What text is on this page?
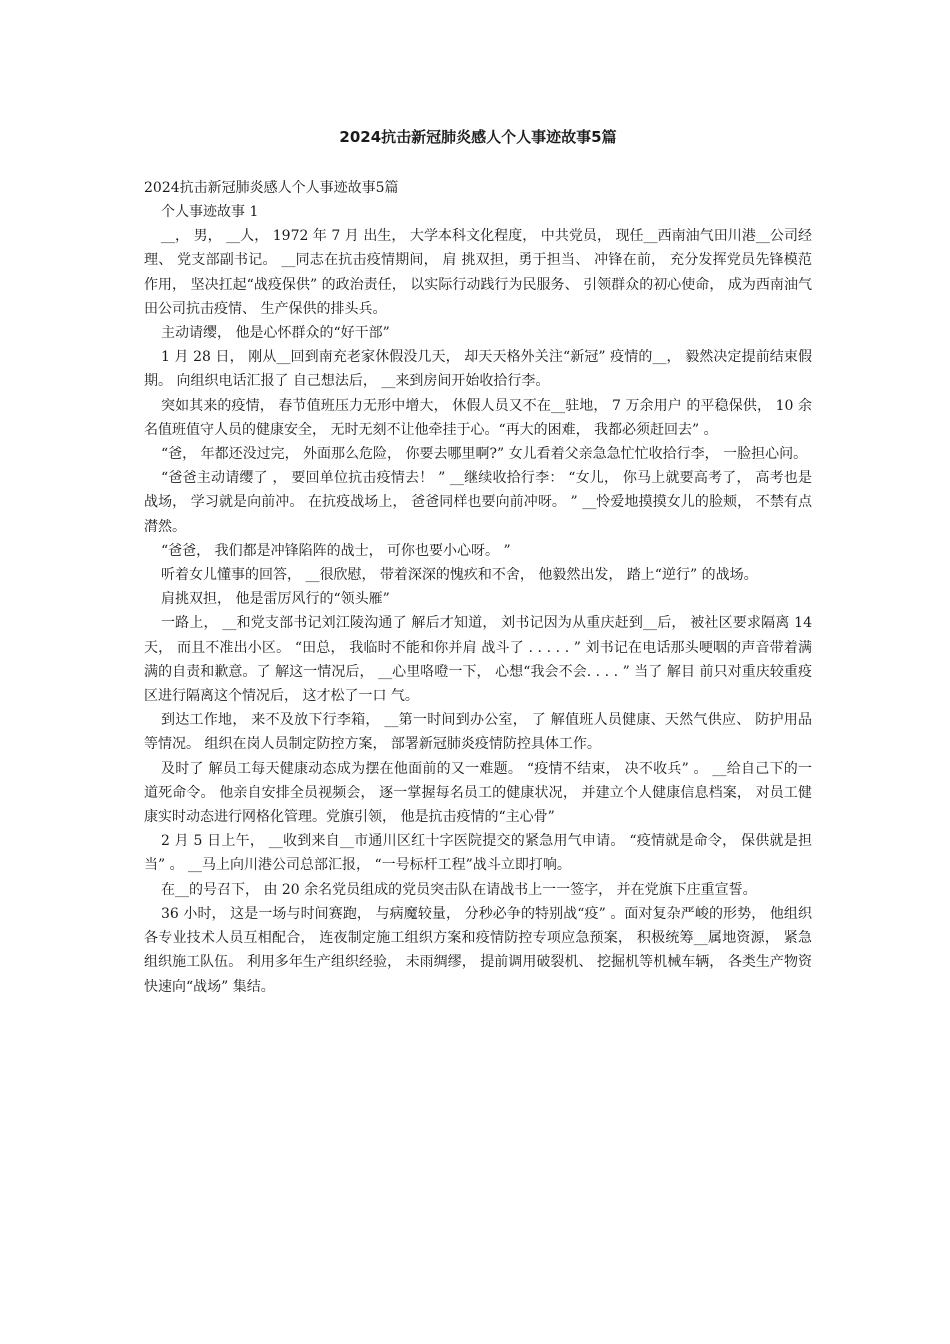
2024抗击新冠肺炎感人个人事迹故事5篇

2024抗击新冠肺炎感人个人事迹故事5篇

个人事迹故事 1

__， 男， __人， 1972 年 7 月 出生， 大学本科文化程度， 中共党员， 现任__西南油气田川港__公司经理、 党支部副书记。 __同志在抗击疫情期间， 肩 挑双担，勇于担当、 冲锋在前， 充分发挥党员先锋模范作用， 坚决扛起“战疫保供” 的政治责任， 以实际行动践行为民服务、 引领群众的初心使命， 成为西南油气田公司抗击疫情、 生产保供的排头兵。

主动请缨， 他是心怀群众的“好干部”

1 月 28 日， 刚从__回到南充老家休假没几天， 却天天格外关注“新冠” 疫情的__， 毅然决定提前结束假期。 向组织电话汇报了 自己想法后， __来到房间开始收拾行李。

突如其来的疫情， 春节值班压力无形中增大， 休假人员又不在__驻地， 7 万余用户 的平稳保供， 10 余名值班值守人员的健康安全， 无时无刻不让他牵挂于心。“再大的困难， 我都必须赶回去” 。

“爸， 年都还没过完， 外面那么危险， 你要去哪里啊?” 女儿看着父亲急急忙忙收拾行李， 一脸担心问。

“爸爸主动请缨了 ， 要回单位抗击疫情去！ ” __继续收拾行李： “女儿， 你马上就要高考了， 高考也是战场， 学习就是向前冲。 在抗疫战场上， 爸爸同样也要向前冲呀。 ” __怜爱地摸摸女儿的脸颊， 不禁有点潸然。

“爸爸， 我们都是冲锋陷阵的战士， 可你也要小心呀。 ”

听着女儿懂事的回答， __很欣慰， 带着深深的愧疚和不舍， 他毅然出发， 踏上“逆行” 的战场。

肩挑双担， 他是雷厉风行的“领头雁”

一路上， __和党支部书记刘江陵沟通了 解后才知道， 刘书记因为从重庆赶到__后， 被社区要求隔离 14 天， 而且不准出小区。 “田总， 我临时不能和你并肩 战斗了 . . . . . ” 刘书记在电话那头哽咽的声音带着满满的自责和歉意。了 解这一情况后， __心里咯噔一下， 心想“我会不会. . . . ” 当了 解目 前只对重庆较重疫区进行隔离这个情况后， 这才松了一口 气。

到达工作地， 来不及放下行李箱， __第一时间到办公室， 了 解值班人员健康、天然气供应、 防护用品等情况。 组织在岗人员制定防控方案， 部署新冠肺炎疫情防控具体工作。

及时了 解员工每天健康动态成为摆在他面前的又一难题。 “疫情不结束， 决不收兵” 。 __给自己下的一道死命令。 他亲自安排全员视频会， 逐一掌握每名员工的健康状况， 并建立个人健康信息档案， 对员工健康实时动态进行网格化管理。党旗引领， 他是抗击疫情的“主心骨”

2 月 5 日上午， __收到来自__市通川区红十字医院提交的紧急用气申请。 “疫情就是命令， 保供就是担当” 。 __马上向川港公司总部汇报， “一号标杆工程”战斗立即打响。

在__的号召下， 由 20 余名党员组成的党员突击队在请战书上一一签字， 并在党旗下庄重宣誓。

36 小时， 这是一场与时间赛跑， 与病魔较量， 分秒必争的特别战“疫” 。面对复杂严峻的形势， 他组织各专业技术人员互相配合， 连夜制定施工组织方案和疫情防控专项应急预案， 积极统筹__属地资源， 紧急组织施工队伍。 利用多年生产组织经验， 未雨绸缪， 提前调用破裂机、 挖掘机等机械车辆， 各类生产物资快速向“战场” 集结。
